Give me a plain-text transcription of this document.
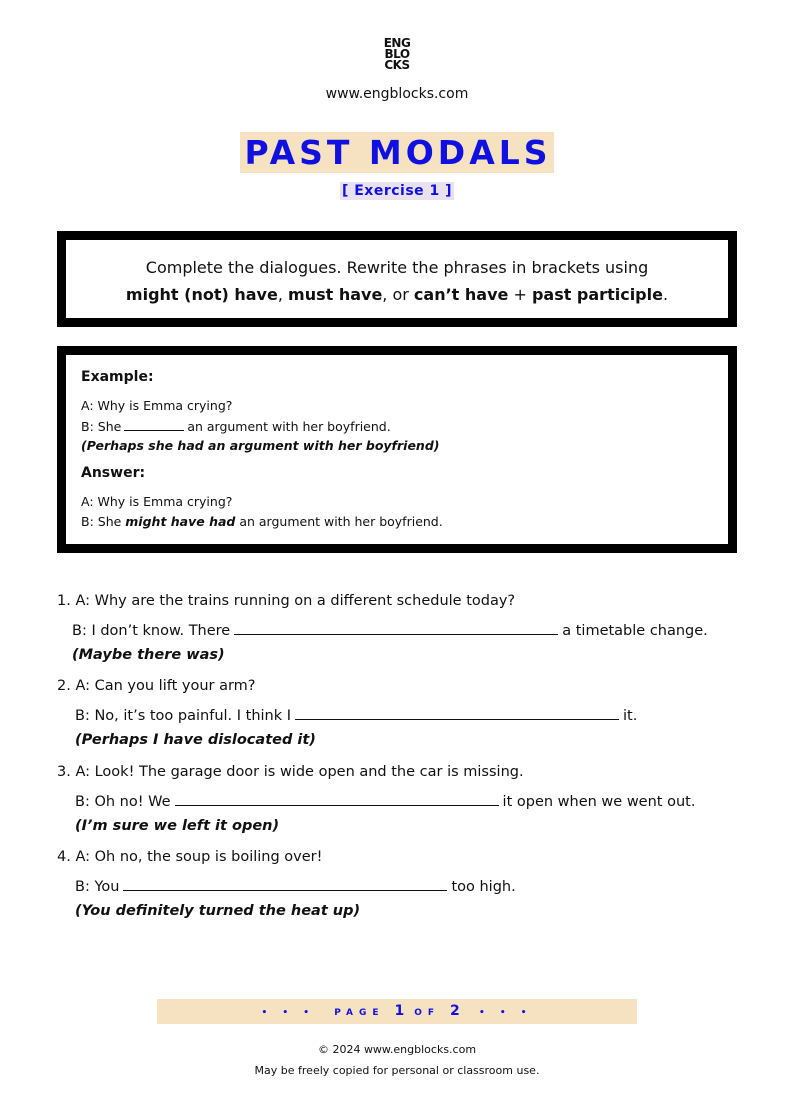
ENG
BLO
CKS
www.engblocks.com
PAST MODALS
[ Exercise 1 ]
Complete the dialogues. Rewrite the phrases in brackets using
might (not) have, must have, or can’t have + past participle.
Example:
A: Why is Emma crying?
B: She	an argument with her boyfriend.
(Perhaps she had an argument with her boyfriend)
Answer:
A: Why is Emma crying?
B: She might have had an argument with her boyfriend.
1. A: Why are the trains running on a different schedule today?
B: I don’t know. There	a timetable change.
(Maybe there was)
2. A: Can you lift your arm?
B: No, it’s too painful. I think I	it.
(Perhaps I have dislocated it)
3. A: Look! The garage door is wide open and the car is missing.
B: Oh no! We	it open when we went out.
(I’m sure we left it open)
4. A: Oh no, the soup is boiling over!
B: You	too high.
(You definitely turned the heat up)
• • • PAGE 1 OF 2 • • •
© 2024 www.engblocks.com
May be freely copied for personal or classroom use.
